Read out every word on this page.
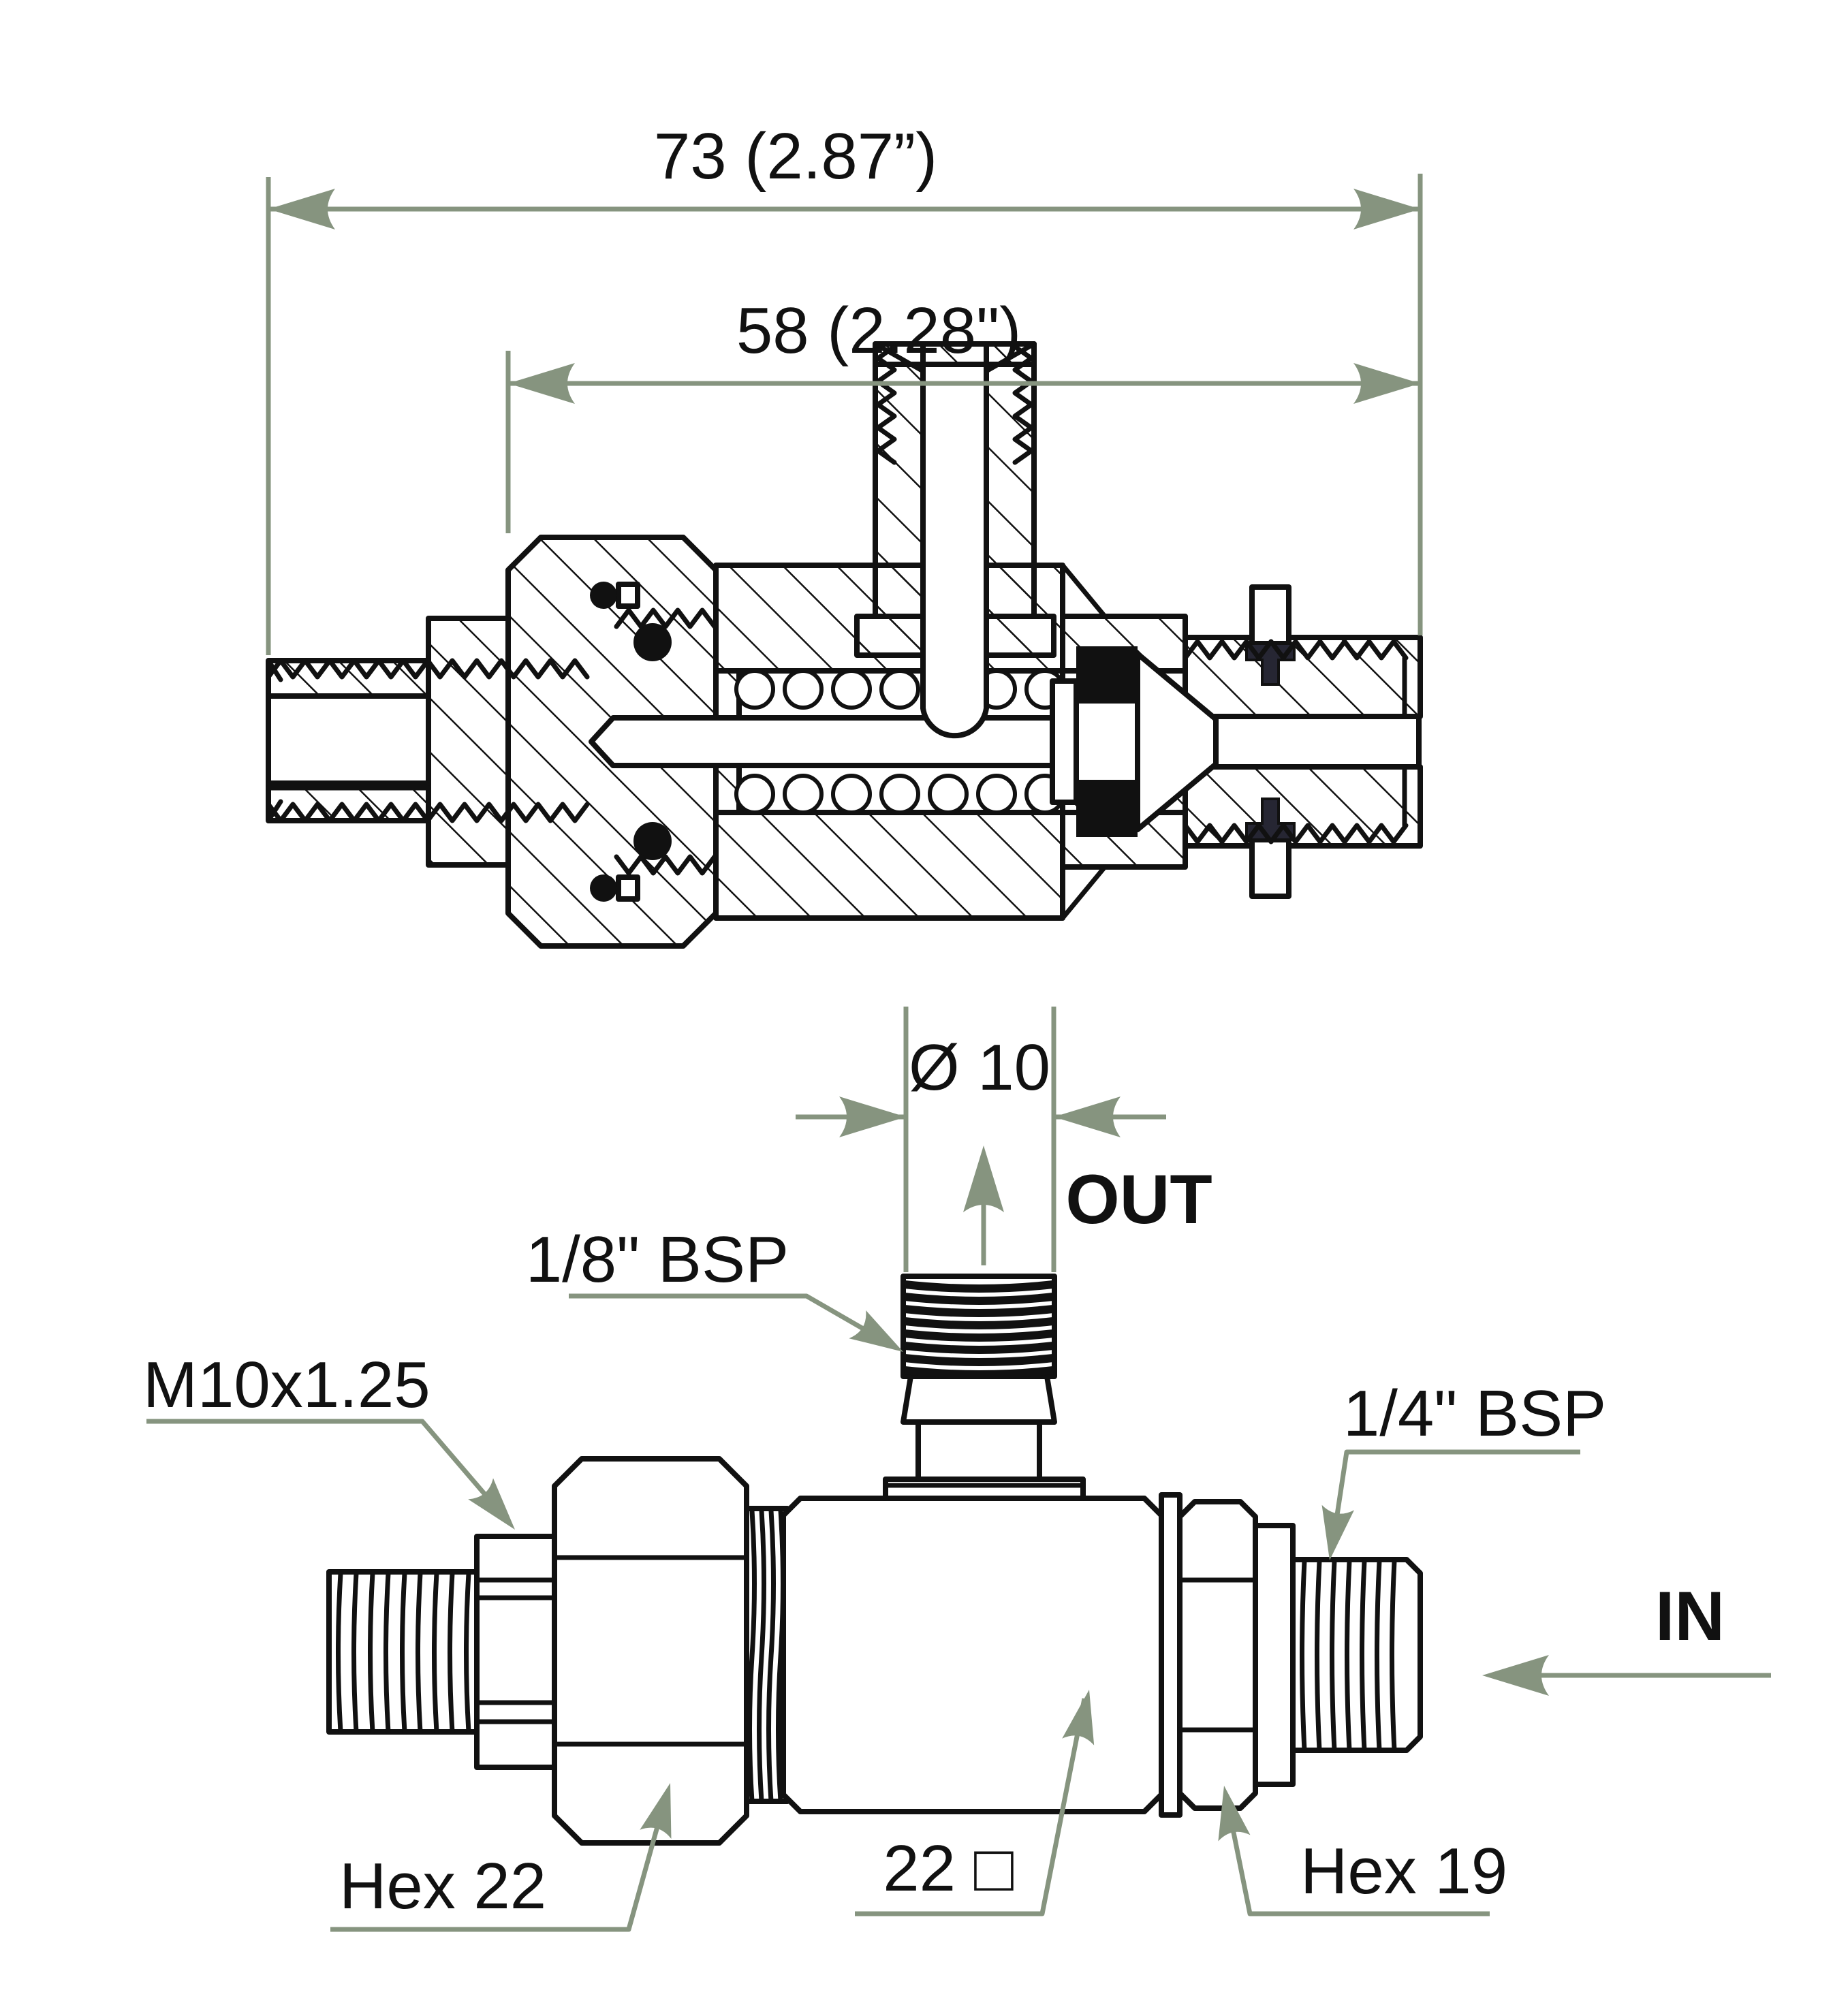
73 (2.87”)
58 (2.28")
Ø 10
OUT
IN
1/8" BSP
M10x1.25	1/4" BSP
Hex 22	22 □	Hex 19
